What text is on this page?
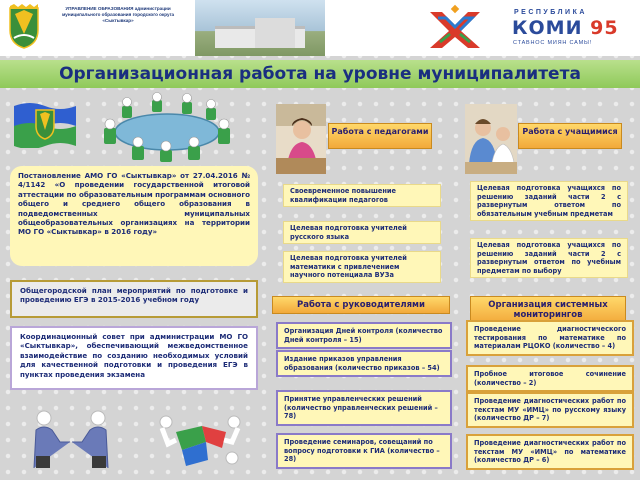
УПРАВЛЕНИЕ ОБРАЗОВАНИЯ администрации муниципального образования городского округа «Сыктывкар»
РЕСПУБЛИКА
КОМИ 95
СТАВНОС МИЯН САМЫ!
Организационная работа на уровне муниципалитета
Постановление АМО ГО «Сыктывкар» от 27.04.2016 № 4/1142 «О проведении государственной итоговой аттестации по образовательным программам основного общего и среднего общего образования в подведомственных муниципальных общеобразовательных организациях на территории МО ГО «Сыктывкар» в 2016 году»
Общегородской план мероприятий по подготовке и проведению ЕГЭ в 2015-2016 учебном году
Координационный совет при администрации МО ГО «Сыктывкар», обеспечивающий межведомственное взаимодействие по созданию необходимых условий для качественной подготовки и проведения ЕГЭ в пунктах проведения экзамена
Работа с педагогами
Своевременное повышение квалификации педагогов
Целевая подготовка учителей русского языка
Целевая подготовка учителей математики с привлечением научного потенциала ВУЗа
Работа с учащимися
Целевая подготовка учащихся по решению заданий части 2 с развернутым ответом по обязательным учебным предметам
Целевая подготовка учащихся по решению заданий части 2 с развернутым ответом по учебным предметам по выбору
Работа с руководителями
Организация Дней контроля (количество Дней контроля – 15)
Издание приказов управления образования (количество приказов – 54)
Принятие управленческих решений (количество управленческих решений – 78)
Проведение семинаров, совещаний по вопросу подготовки к ГИА (количество – 28)
Организация системных мониторингов
Проведение диагностического тестирования по математике по материалам РЦОКО (количество – 4)
Пробное итоговое сочинение (количество – 2)
Проведение диагностических работ по текстам МУ «ИМЦ» по русскому языку (количество ДР – 7)
Проведение диагностических работ по текстам МУ «ИМЦ» по математике (количество ДР – 6)
